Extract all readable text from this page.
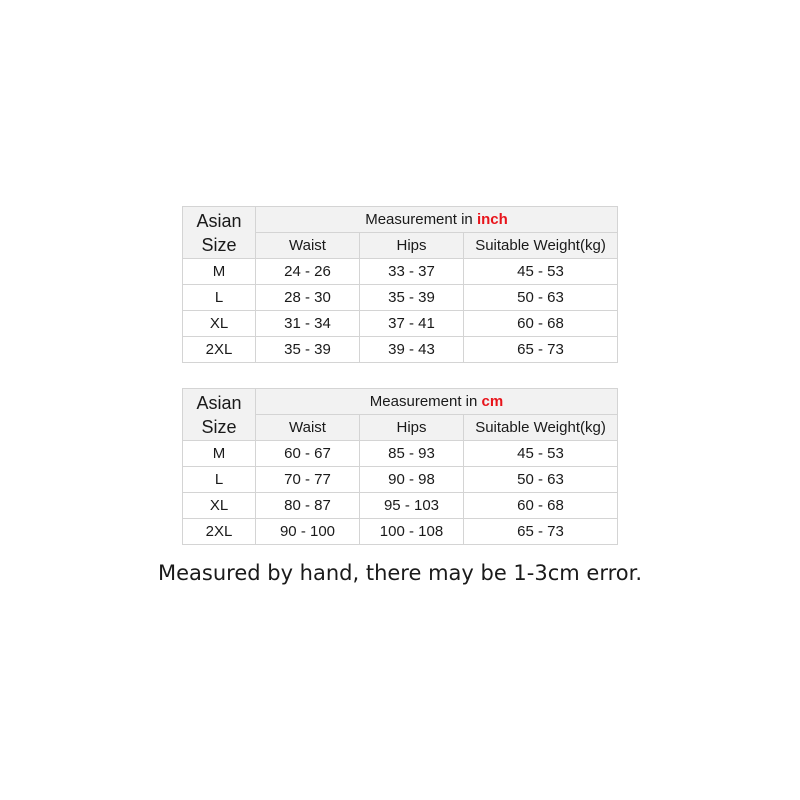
Asian
Size	Measurement in inch		
	Waist	Hips	Suitable Weight(kg)
M	24 - 26	33 - 37	45 - 53
L	28 - 30	35 - 39	50 - 63
XL	31 - 34	37 - 41	60 - 68
2XL	35 - 39	39 - 43	65 - 73
Asian
Size	Measurement in cm		
	Waist	Hips	Suitable Weight(kg)
M	60 - 67	85 - 93	45 - 53
L	70 - 77	90 - 98	50 - 63
XL	80 - 87	95 - 103	60 - 68
2XL	90 - 100	100 - 108	65 - 73
Measured by hand, there may be 1-3cm error.
